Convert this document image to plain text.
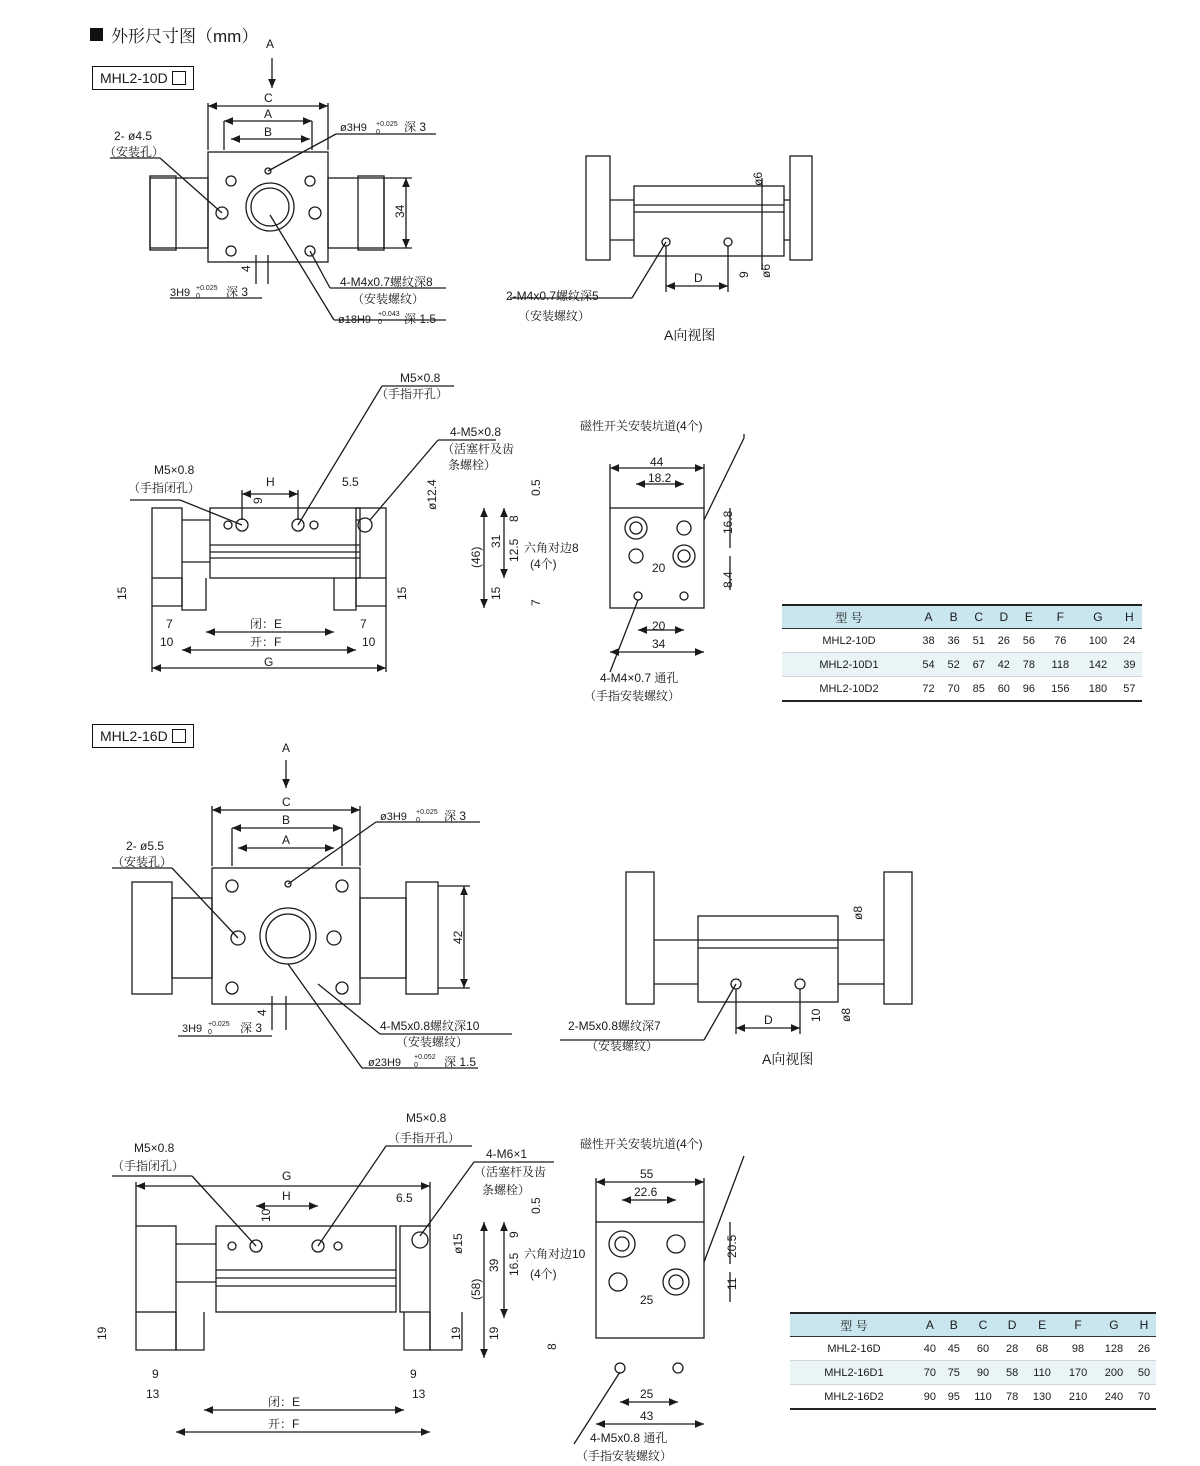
外形尺寸图（mm）
MHL2-10D
MHL2-16D
A
C
A
B	ø3H9 +0.025
0 深 3
2- ø4.5
（安装孔）
34
4
3H9 +0.025
0 深 3
4-M4x0.7螺纹深8
（安装螺纹）
ø18H9 +0.043
0 深 1.5
ø6
ø6
9
D
2-M4x0.7螺纹深5
（安装螺纹）
A向视图
M5×0.8
（手指开孔）
M5×0.8
（手指闭孔）
4-M5×0.8
（活塞杆及齿
条螺栓）
H
9
5.5	ø12.4
15	15
7	7
10	10
闭：E
开：F
G
磁性开关安装坑道(4个)
44
18.2
0.5
8
31
(46) 12.5 六角对边8
(4个)
15
7
16.8
8.4
20
20
34
4-M4×0.7 通孔
（手指安装螺纹）
A
C
B
A
ø3H9 +0.025
0 深 3
2- ø5.5
（安装孔）
42
4
3H9 +0.025
0 深 3	4-M5x0.8螺纹深10
（安装螺纹）
ø23H9 +0.052
0 深 1.5
ø8
ø8
10
D
2-M5x0.8螺纹深7
（安装螺纹）
A向视图
M5×0.8
（手指开孔）
M5×0.8
（手指闭孔）
4-M6×1
（活塞杆及齿
条螺栓）
G
H
10
6.5
ø15
19	19
9	9
13	13
闭：E
开：F
磁性开关安装坑道(4个)
55
22.6
0.5
9
39
(58)
16.5 六角对边10
(4个)
19
8
20.5
11
25
25
43
4-M5x0.8 通孔
（手指安装螺纹）
型 号	A	B	C	D	E	F	G	H
MHL2-10D	38	36	51	26	56	76	100	24
MHL2-10D1	54	52	67	42	78	118	142	39
MHL2-10D2	72	70	85	60	96	156	180	57
型 号	A	B	C	D	E	F	G	H
MHL2-16D	40	45	60	28	68	98	128	26
MHL2-16D1	70	75	90	58	110	170	200	50
MHL2-16D2	90	95	110	78	130	210	240	70
